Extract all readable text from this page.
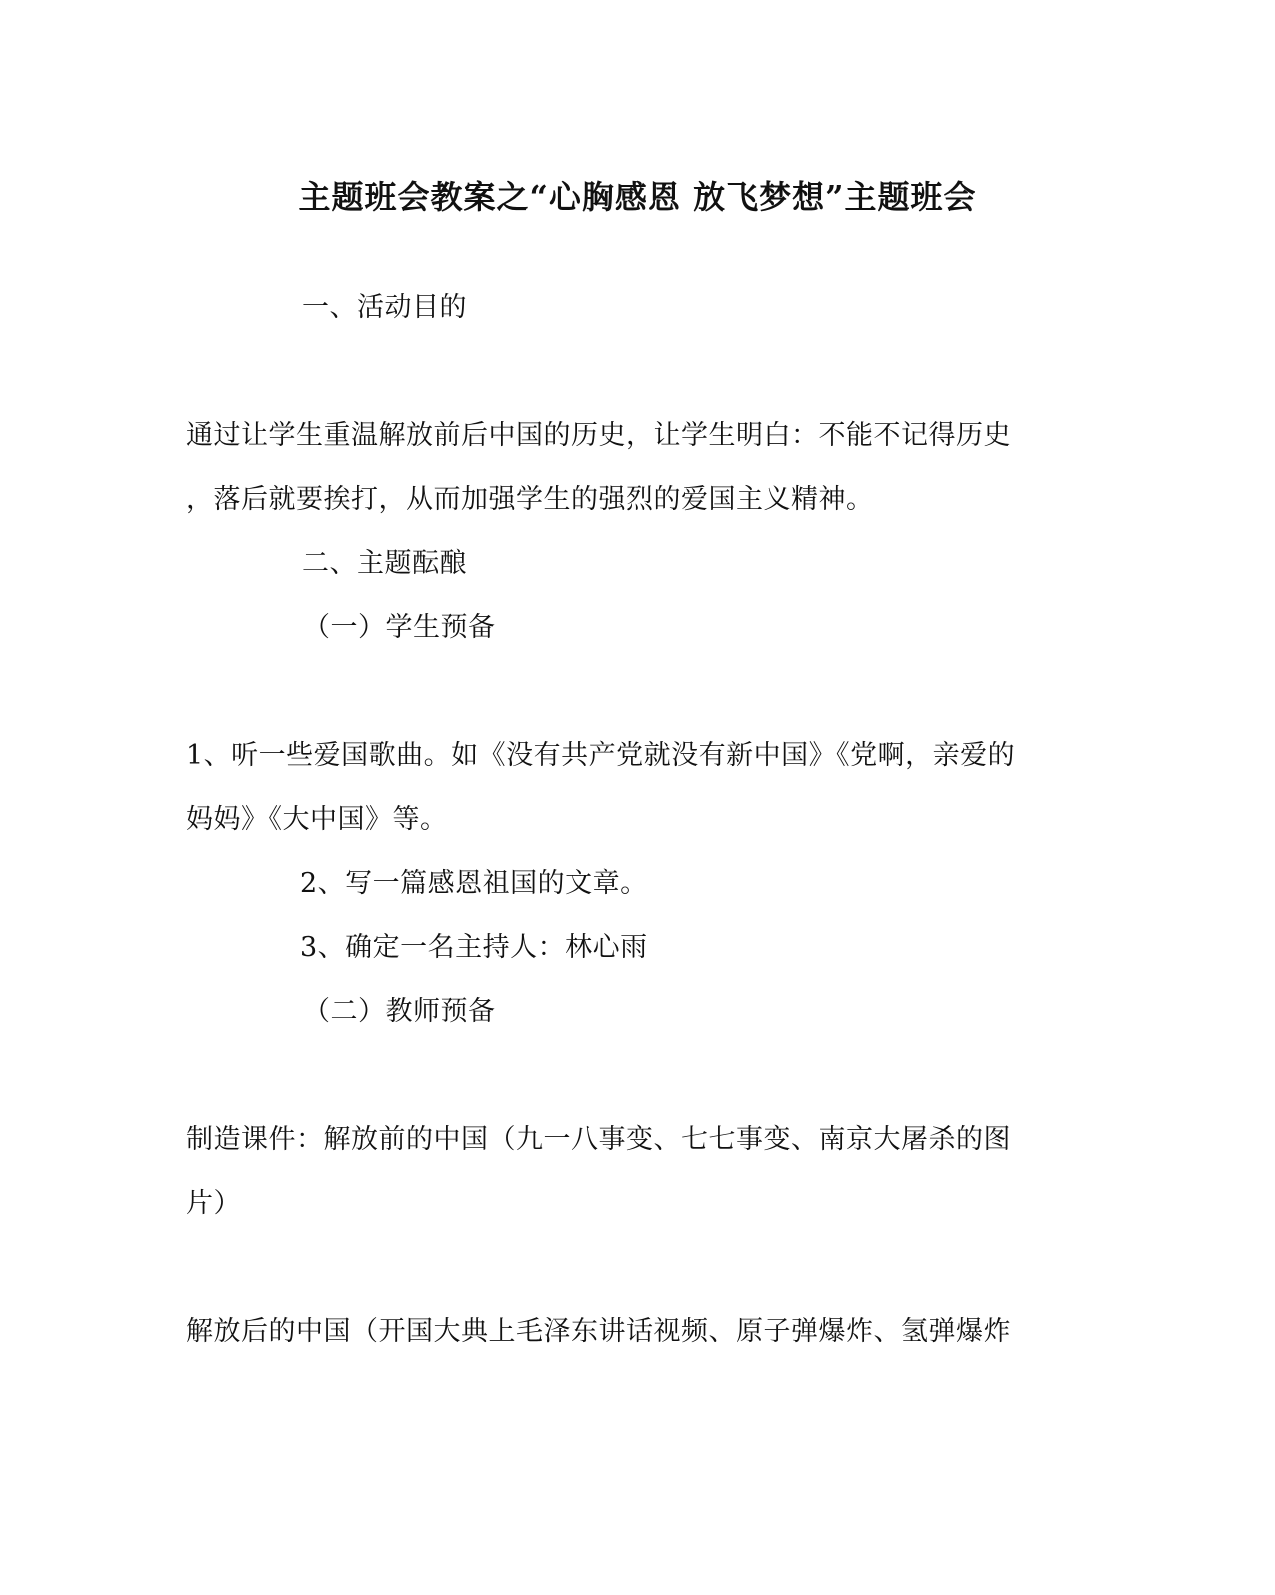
主题班会教案之“心胸感恩 放飞梦想”主题班会
一、活动目的
通过让学生重温解放前后中国的历史，让学生明白：不能不记得历史
，落后就要挨打，从而加强学生的强烈的爱国主义精神。
二、主题酝酿
（一）学生预备
1、听一些爱国歌曲。如《没有共产党就没有新中国》《党啊，亲爱的
妈妈》《大中国》等。
2、写一篇感恩祖国的文章。
3、确定一名主持人：林心雨
（二）教师预备
制造课件：解放前的中国（九一八事变、七七事变、南京大屠杀的图
片）
解放后的中国（开国大典上毛泽东讲话视频、原子弹爆炸、氢弹爆炸
